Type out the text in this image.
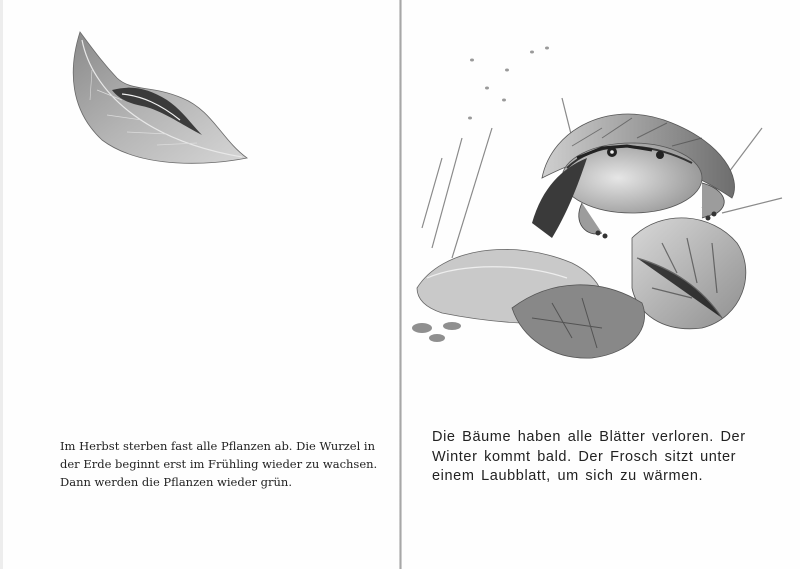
Im Herbst sterben fast alle Pflanzen ab. Die Wurzel in der Erde beginnt erst im Frühling wieder zu wachsen. Dann werden die Pflanzen wieder grün.
Die Bäume haben alle Blätter verloren. Der Winter kommt bald. Der Frosch sitzt unter einem Laubblatt, um sich zu wärmen.
